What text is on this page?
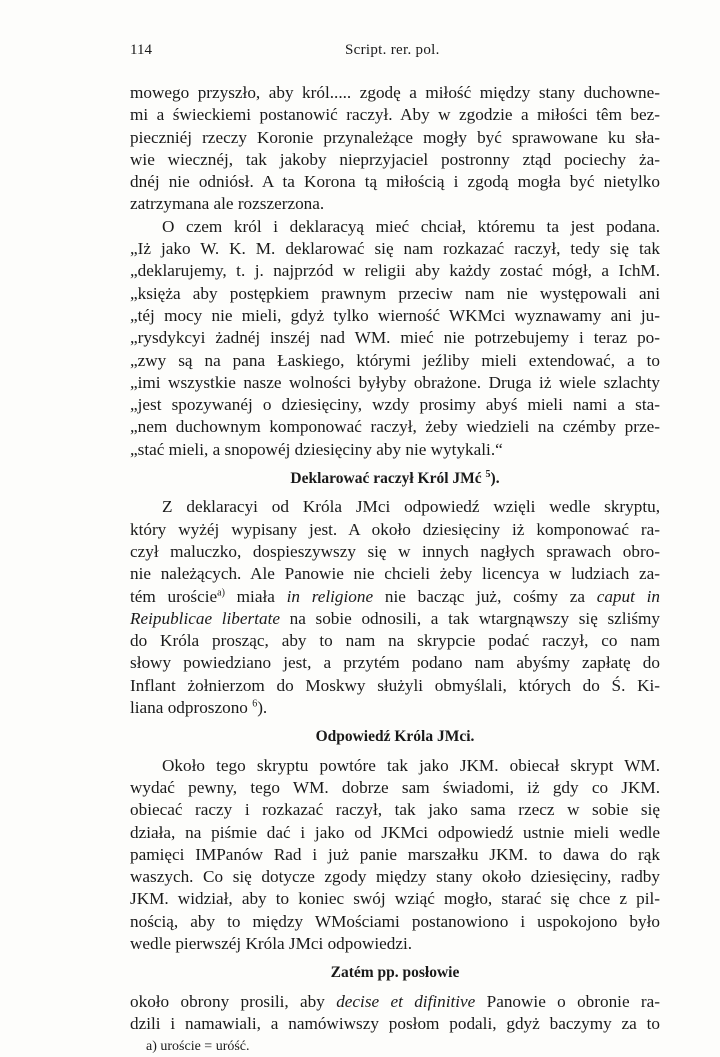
114	Script. rer. pol.
mowego przyszło, aby król..... zgodę a miłość między stany duchowne-
mi a świeckiemi postanowić raczył. Aby w zgodzie a miłości têm bez-
pieczniéj rzeczy Koronie przynależące mogły być sprawowane ku sła-
wie wiecznéj, tak jakoby nieprzyjaciel postronny ztąd pociechy ża-
dnéj nie odniósł. A ta Korona tą miłością i zgodą mogła być nietylko
zatrzymana ale rozszerzona.
O czem król i deklaracyą mieć chciał, któremu ta jest podana.
„Iż jako W. K. M. deklarować się nam rozkazać raczył, tedy się tak
„deklarujemy, t. j. najprzód w religii aby każdy zostać mógł, a IchM.
„księża aby postępkiem prawnym przeciw nam nie występowali ani
„téj mocy nie mieli, gdyż tylko wierność WKMci wyznawamy ani ju-
„rysdykcyi żadnéj inszéj nad WM. mieć nie potrzebujemy i teraz po-
„zwy są na pana Łaskiego, którymi jeźliby mieli extendować, a to
„imi wszystkie nasze wolności byłyby obrażone. Druga iż wiele szlachty
„jest spozywanéj o dziesięciny, wzdy prosimy abyś mieli nami a sta-
„nem duchownym komponować raczył, żeby wiedzieli na czémby prze-
„stać mieli, a snopowéj dziesięciny aby nie wytykali.“
Deklarować raczył Król JMć $^5$).
Z deklaracyi od Króla JMci odpowiedź wzięli wedle skryptu,
który wyżéj wypisany jest. A około dziesięciny iż komponować ra-
czył maluczko, dospieszywszy się w innych nagłych sprawach obro-
nie należących. Ale Panowie nie chcieli żeby licencya w ludziach za-
tém uroście$^{a)}$ miała in religione nie bacząc już, cośmy za caput in
Reipublicae libertate na sobie odnosili, a tak wtargnąwszy się szliśmy
do Króla prosząc, aby to nam na skrypcie podać raczył, co nam
słowy powiedziano jest, a przytém podano nam abyśmy zapłatę do
Inflant żołnierzom do Moskwy służyli obmyślali, których do Ś. Ki-
liana odproszono $^6$).
Odpowiedź Króla JMci.
Około tego skryptu powtóre tak jako JKM. obiecał skrypt WM.
wydać pewny, tego WM. dobrze sam świadomi, iż gdy co JKM.
obiecać raczy i rozkazać raczył, tak jako sama rzecz w sobie się
działa, na piśmie dać i jako od JKMci odpowiedź ustnie mieli wedle
pamięci IMPanów Rad i już panie marszałku JKM. to dawa do rąk
waszych. Co się dotycze zgody między stany około dziesięciny, radby
JKM. widział, aby to koniec swój wziąć mogło, starać się chce z pil-
nością, aby to między WMościami postanowiono i uspokojono było
wedle pierwszéj Króla JMci odpowiedzi.
Zatém pp. posłowie
około obrony prosili, aby decise et difinitive Panowie o obronie ra-
dzili i namawiali, a namówiwszy posłom podali, gdyż baczymy za to
a) uroście = uróść.
